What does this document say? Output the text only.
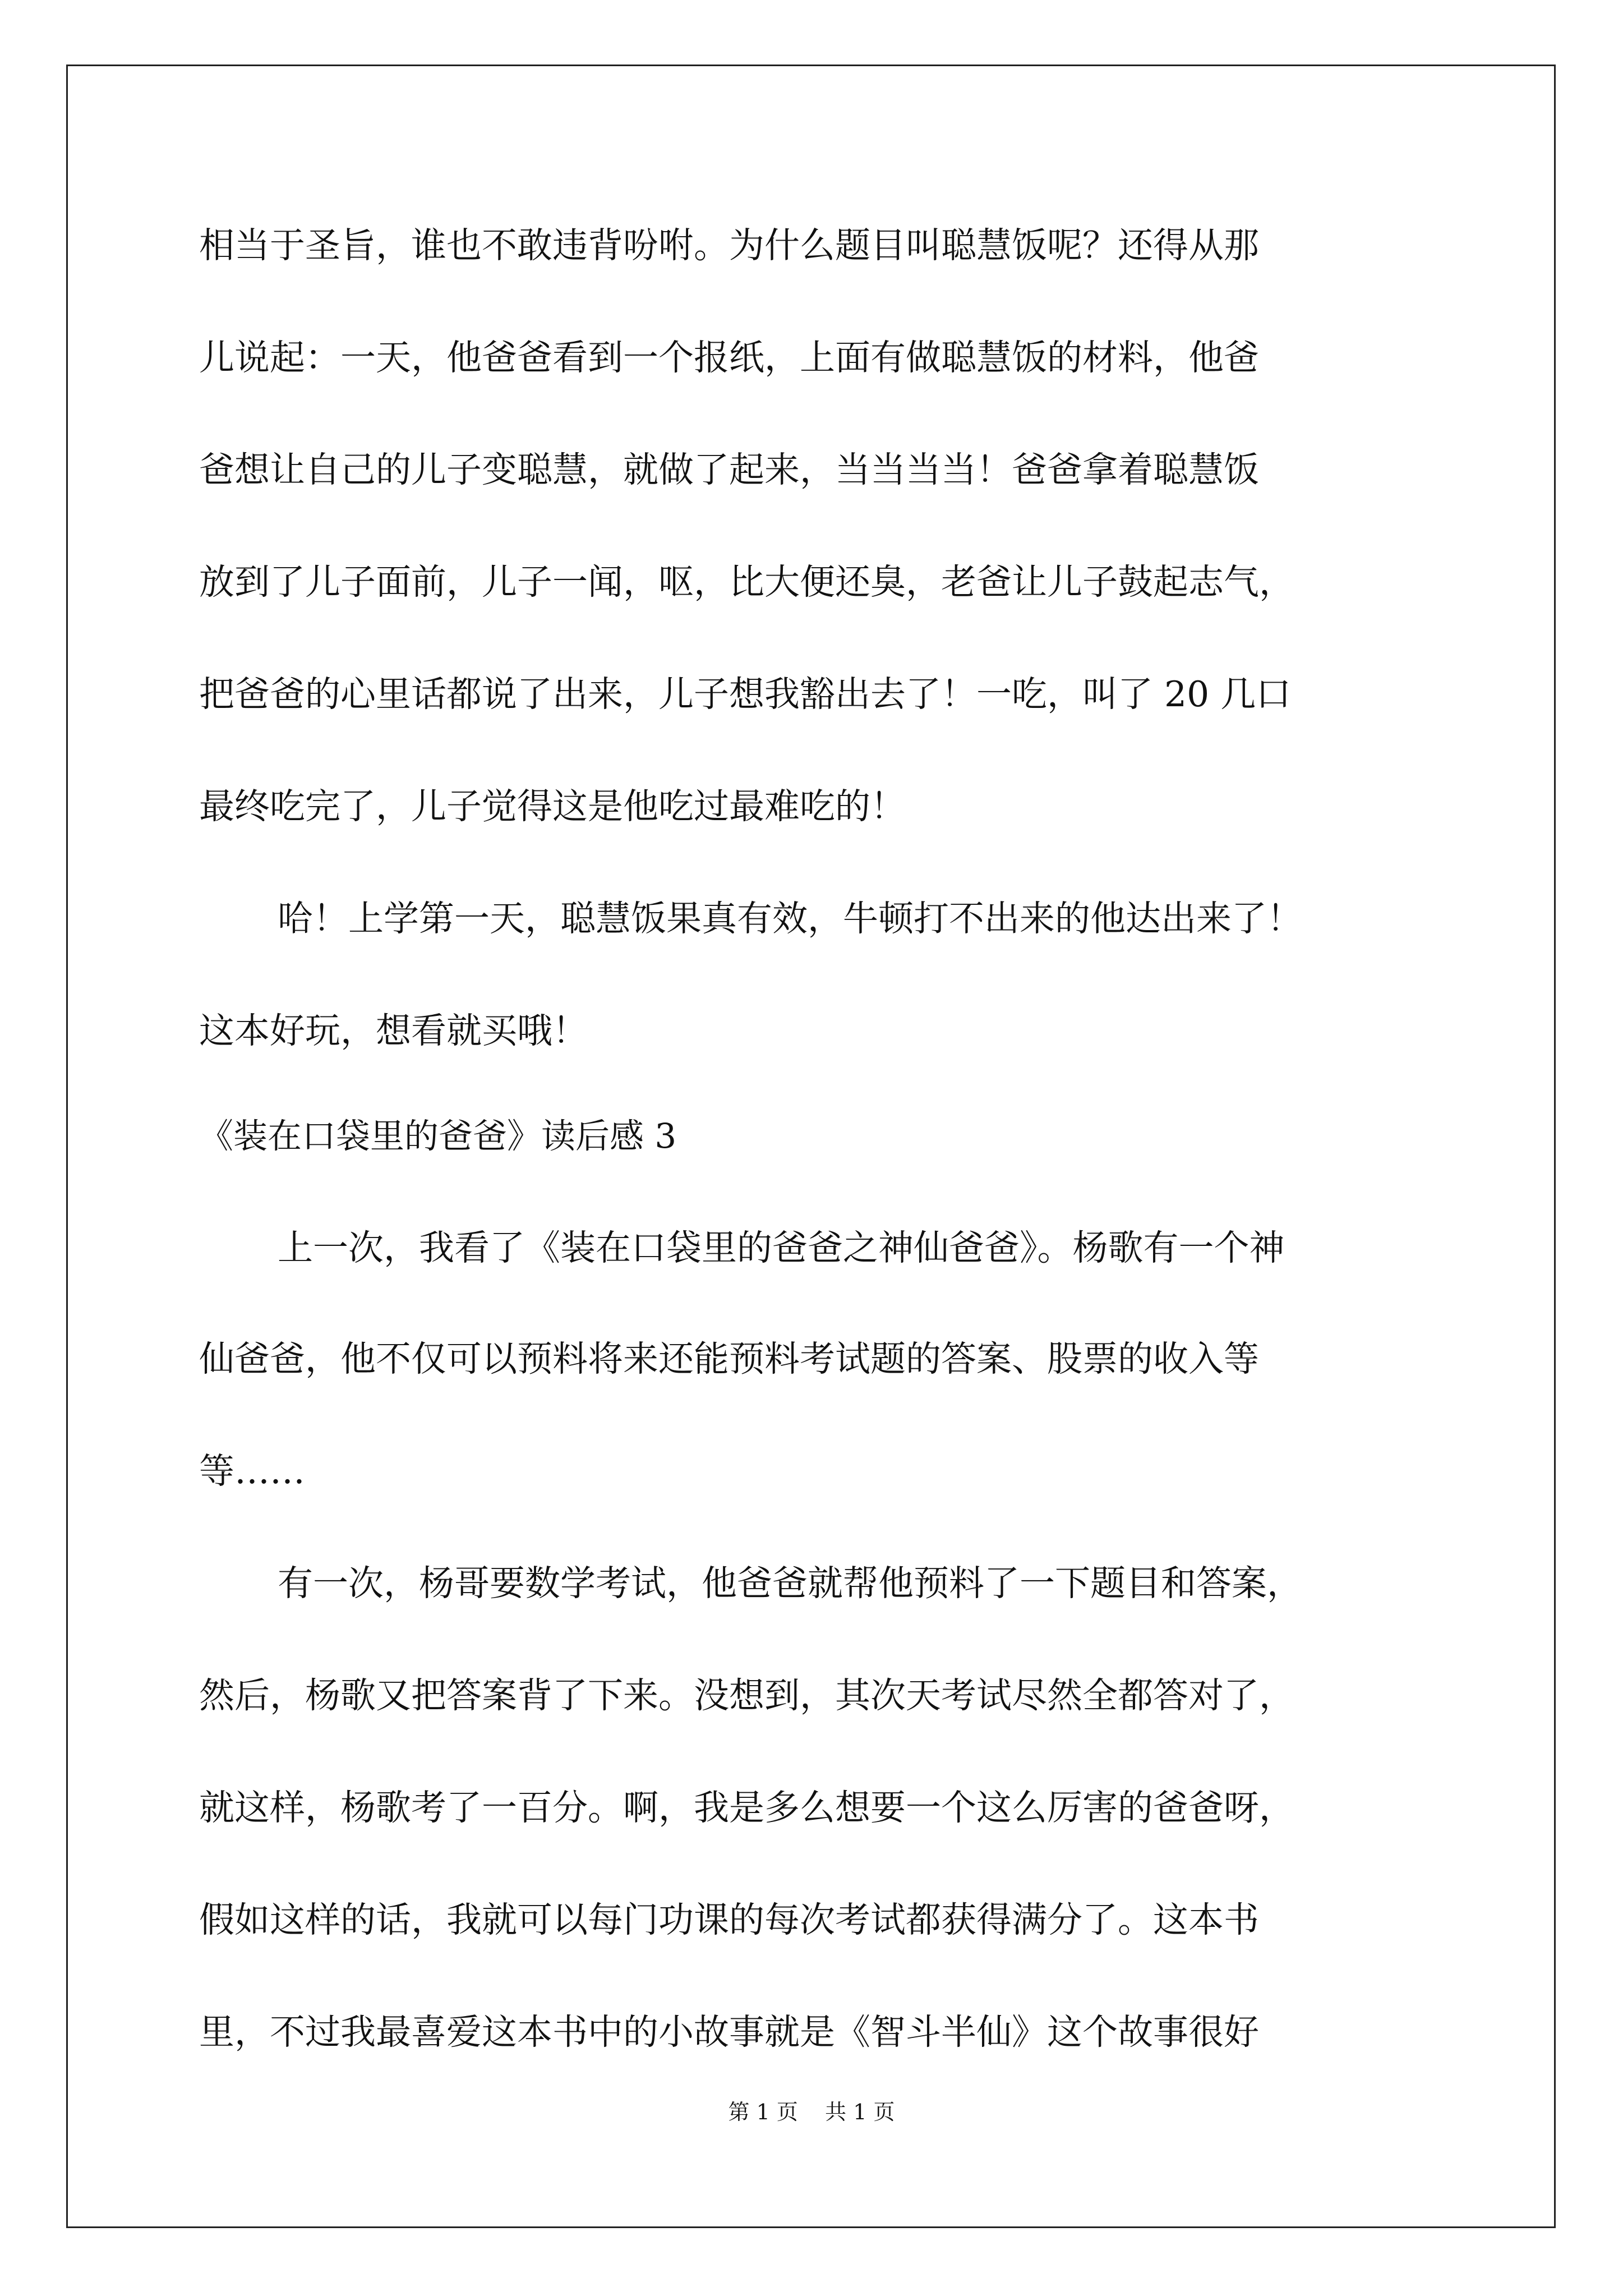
相当于圣旨，谁也不敢违背吩咐。为什么题目叫聪慧饭呢？还得从那
儿说起：一天，他爸爸看到一个报纸，上面有做聪慧饭的材料，他爸
爸想让自己的儿子变聪慧，就做了起来，当当当当！爸爸拿着聪慧饭
放到了儿子面前，儿子一闻，呕，比大便还臭，老爸让儿子鼓起志气，
把爸爸的心里话都说了出来，儿子想我豁出去了！一吃，叫了 20 几口
最终吃完了，儿子觉得这是他吃过最难吃的！
哈！上学第一天，聪慧饭果真有效，牛顿打不出来的他达出来了！
这本好玩，想看就买哦！
《装在口袋里的爸爸》读后感 3
上一次，我看了《装在口袋里的爸爸之神仙爸爸》。杨歌有一个神
仙爸爸，他不仅可以预料将来还能预料考试题的答案、股票的收入等
等……
有一次，杨哥要数学考试，他爸爸就帮他预料了一下题目和答案，
然后，杨歌又把答案背了下来。没想到，其次天考试尽然全都答对了，
就这样，杨歌考了一百分。啊，我是多么想要一个这么厉害的爸爸呀，
假如这样的话，我就可以每门功课的每次考试都获得满分了。这本书
里，不过我最喜爱这本书中的小故事就是《智斗半仙》这个故事很好
第 1 页    共 1 页
